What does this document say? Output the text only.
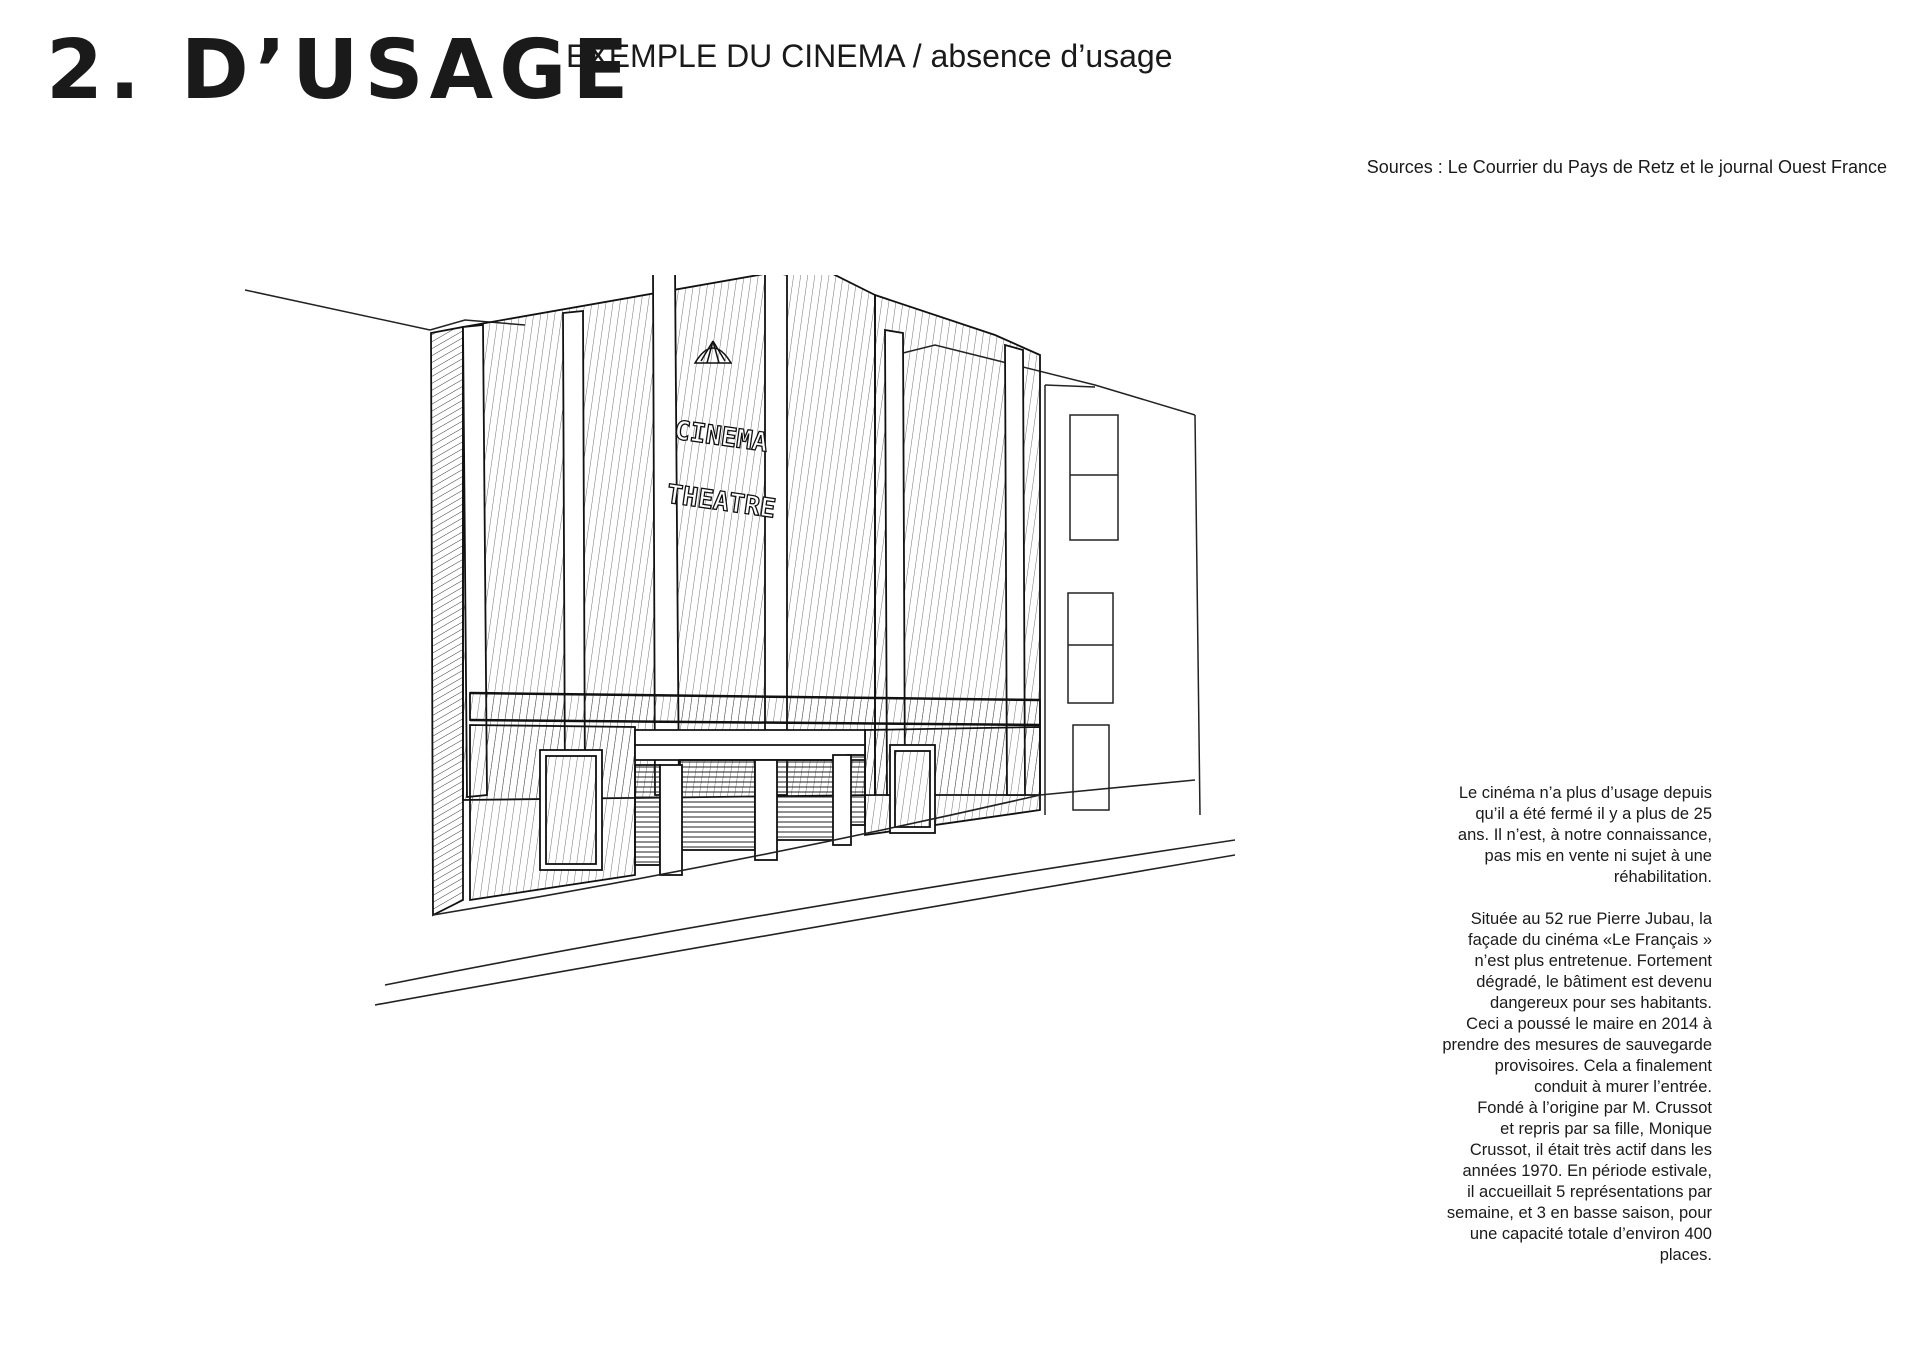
2. D’USAGE
EXEMPLE DU CINEMA / absence d’usage
Sources : Le Courrier du Pays de Retz et le journal Ouest France
CINEMA
THEATRE

Le cinéma n’a plus d’usage depuis
qu’il a été fermé il y a plus de 25
ans. Il n’est, à notre connaissance,
pas mis en vente ni sujet à une
réhabilitation.

Située au 52 rue Pierre Jubau, la
façade du cinéma «Le Français »
n’est plus entretenue. Fortement
dégradé, le bâtiment est devenu
dangereux pour ses habitants.
Ceci a poussé le maire en 2014 à
prendre des mesures de sauvegarde
provisoires. Cela a finalement
conduit à murer l’entrée.
Fondé à l’origine par M. Crussot
et repris par sa fille, Monique
Crussot, il était très actif dans les
années 1970. En période estivale,
il accueillait 5 représentations par
semaine, et 3 en basse saison, pour
une capacité totale d’environ 400
places.
